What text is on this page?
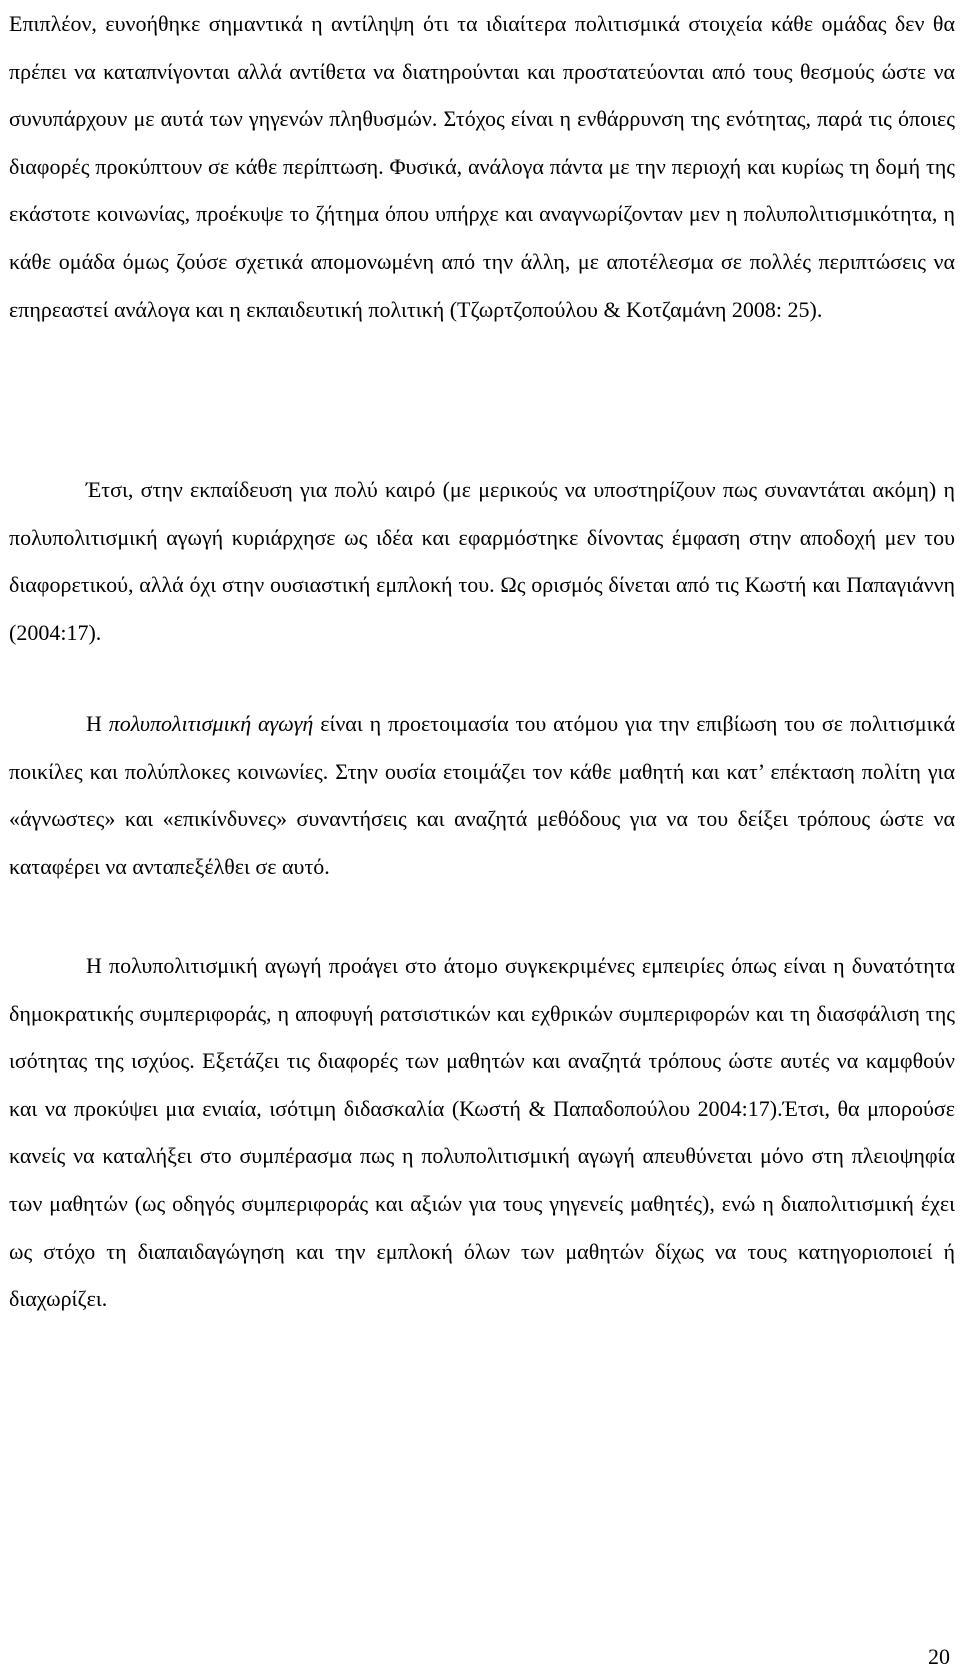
Επιπλέον, ευνοήθηκε σημαντικά η αντίληψη ότι τα ιδιαίτερα πολιτισμικά στοιχεία κάθε ομάδας δεν θα πρέπει να καταπνίγονται αλλά αντίθετα να διατηρούνται και προστατεύονται από τους θεσμούς ώστε να συνυπάρχουν με αυτά των γηγενών πληθυσμών. Στόχος είναι η ενθάρρυνση της ενότητας, παρά τις όποιες διαφορές προκύπτουν σε κάθε περίπτωση. Φυσικά, ανάλογα πάντα με την περιοχή και κυρίως τη δομή της εκάστοτε κοινωνίας, προέκυψε το ζήτημα όπου υπήρχε και αναγνωρίζονταν μεν η πολυπολιτισμικότητα, η κάθε ομάδα όμως ζούσε σχετικά απομονωμένη από την άλλη, με αποτέλεσμα σε πολλές περιπτώσεις να επηρεαστεί ανάλογα και η εκπαιδευτική πολιτική (Τζωρτζοπούλου & Κοτζαμάνη 2008: 25).

Έτσι, στην εκπαίδευση για πολύ καιρό (με μερικούς να υποστηρίζουν πως συναντάται ακόμη) η πολυπολιτισμική αγωγή κυριάρχησε ως ιδέα και εφαρμόστηκε δίνοντας έμφαση στην αποδοχή μεν του διαφορετικού, αλλά όχι στην ουσιαστική εμπλοκή του. Ως ορισμός δίνεται από τις Κωστή και Παπαγιάννη (2004:17).

Η πολυπολιτισμική αγωγή είναι η προετοιμασία του ατόμου για την επιβίωση του σε πολιτισμικά ποικίλες και πολύπλοκες κοινωνίες. Στην ουσία ετοιμάζει τον κάθε μαθητή και κατ’ επέκταση πολίτη για «άγνωστες» και «επικίνδυνες» συναντήσεις και αναζητά μεθόδους για να του δείξει τρόπους ώστε να καταφέρει να ανταπεξέλθει σε αυτό.

Η πολυπολιτισμική αγωγή προάγει στο άτομο συγκεκριμένες εμπειρίες όπως είναι η δυνατότητα δημοκρατικής συμπεριφοράς, η αποφυγή ρατσιστικών και εχθρικών συμπεριφορών και τη διασφάλιση της ισότητας της ισχύος. Εξετάζει τις διαφορές των μαθητών και αναζητά τρόπους ώστε αυτές να καμφθούν και να προκύψει μια ενιαία, ισότιμη διδασκαλία (Κωστή & Παπαδοπούλου 2004:17).Έτσι, θα μπορούσε κανείς να καταλήξει στο συμπέρασμα πως η πολυπολιτισμική αγωγή απευθύνεται μόνο στη πλειοψηφία των μαθητών (ως οδηγός συμπεριφοράς και αξιών για τους γηγενείς μαθητές), ενώ η διαπολιτισμική έχει ως στόχο τη διαπαιδαγώγηση και την εμπλοκή όλων των μαθητών δίχως να τους κατηγοριοποιεί ή διαχωρίζει.

20
